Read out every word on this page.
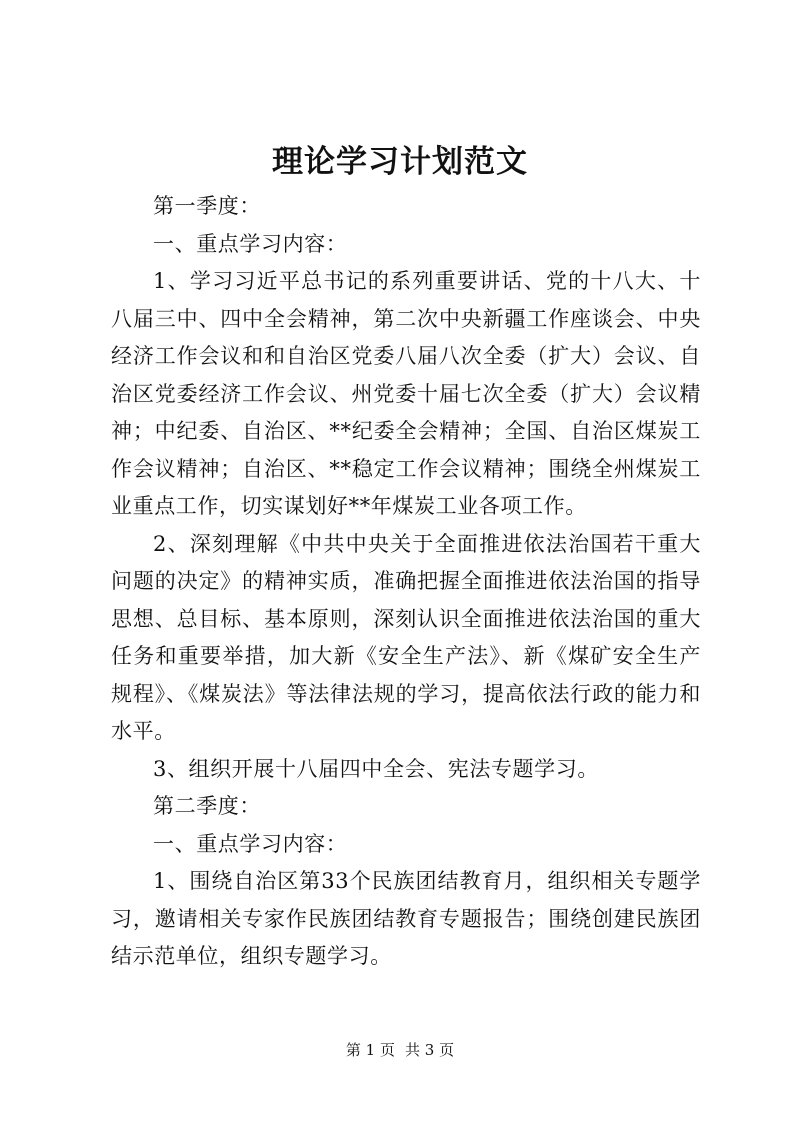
理论学习计划范文

第一季度：

一、重点学习内容：

1、学习习近平总书记的系列重要讲话、党的十八大、十八届三中、四中全会精神，第二次中央新疆工作座谈会、中央经济工作会议和和自治区党委八届八次全委（扩大）会议、自治区党委经济工作会议、州党委十届七次全委（扩大）会议精神；中纪委、自治区、**纪委全会精神；全国、自治区煤炭工作会议精神；自治区、**稳定工作会议精神；围绕全州煤炭工业重点工作，切实谋划好**年煤炭工业各项工作。

2、深刻理解《中共中央关于全面推进依法治国若干重大问题的决定》的精神实质，准确把握全面推进依法治国的指导思想、总目标、基本原则，深刻认识全面推进依法治国的重大任务和重要举措，加大新《安全生产法》、新《煤矿安全生产规程》、《煤炭法》等法律法规的学习，提高依法行政的能力和水平。

3、组织开展十八届四中全会、宪法专题学习。

第二季度：

一、重点学习内容：

1、围绕自治区第33个民族团结教育月，组织相关专题学习，邀请相关专家作民族团结教育专题报告；围绕创建民族团结示范单位，组织专题学习。

第 1 页 共 3 页
